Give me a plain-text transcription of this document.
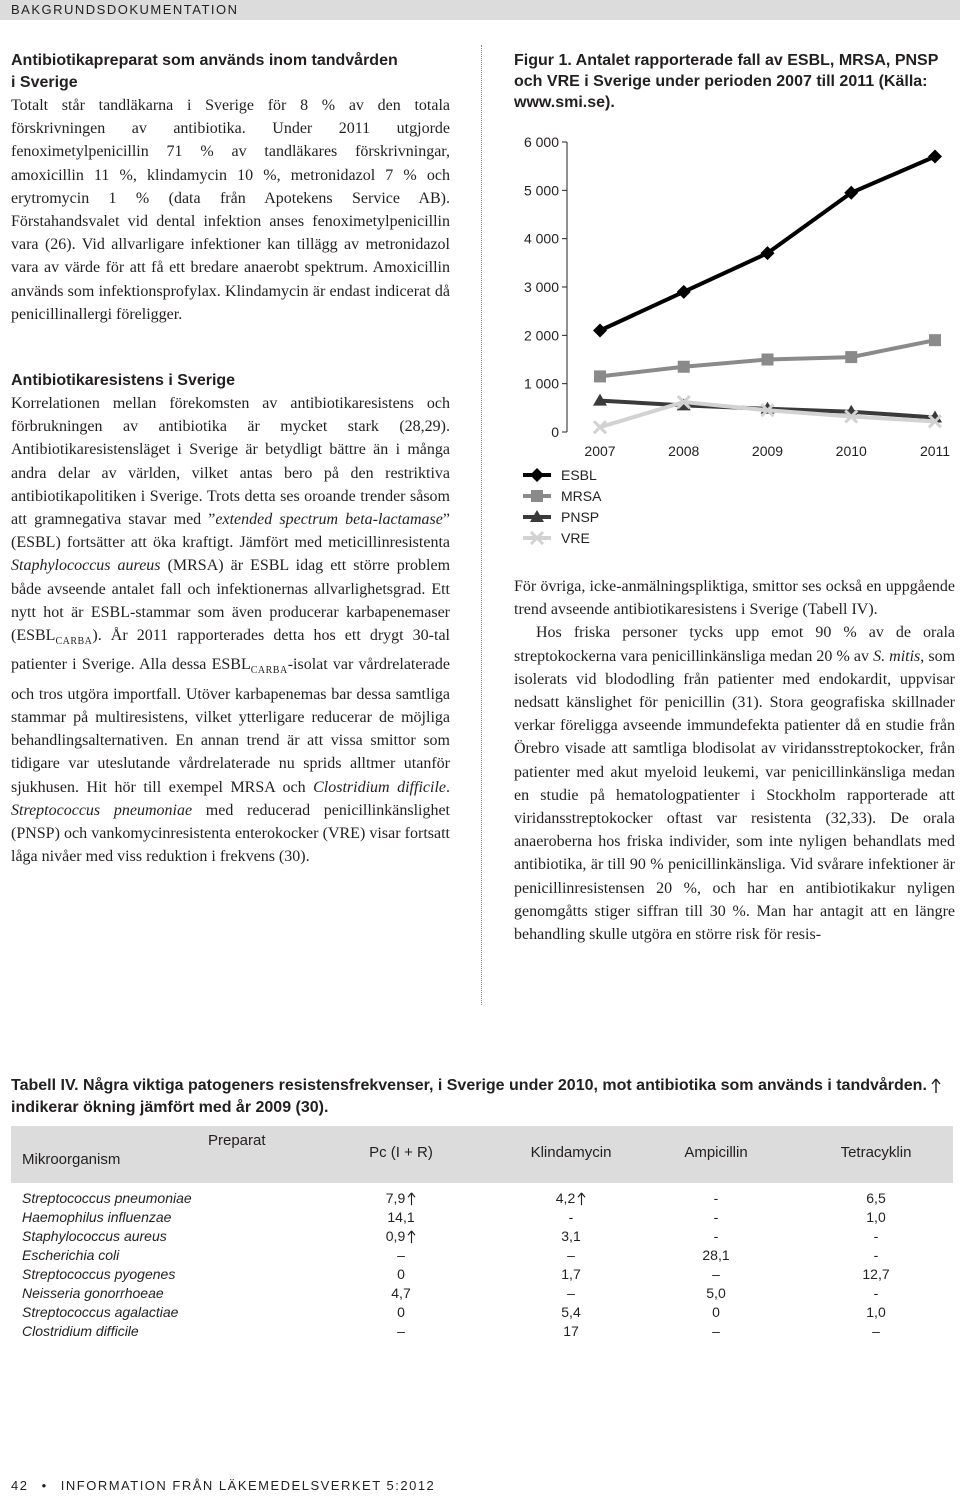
BAKGRUNDSDOKUMENTATION

Antibiotikapreparat som används inom tandvården
i Sverige

Totalt står tandläkarna i Sverige för 8 % av den totala förskrivningen av antibiotika. Under 2011 utgjorde fenoximetylpenicillin 71 % av tandläkares förskrivningar, amoxicillin 11 %, klindamycin 10 %, metronidazol 7 % och erytromycin 1 % (data från Apotekens Service AB). Förstahandsvalet vid dental infektion anses fenoximetylpenicillin vara (26). Vid allvarligare infektioner kan tillägg av metronidazol vara av värde för att få ett bredare anaerobt spektrum. Amoxicillin används som infektionsprofylax. Klindamycin är endast indicerat då penicillinallergi föreligger.

Antibiotikaresistens i Sverige

Korrelationen mellan förekomsten av antibiotikaresistens och förbrukningen av antibiotika är mycket stark (28,29). Antibiotikaresistensläget i Sverige är betydligt bättre än i många andra delar av världen, vilket antas bero på den restriktiva antibiotikapolitiken i Sverige. Trots detta ses oroande trender såsom att gramnegativa stavar med ”extended spectrum beta-lactamase” (ESBL) fortsätter att öka kraftigt. Jämfört med meticillinresistenta Staphylococcus aureus (MRSA) är ESBL idag ett större problem både avseende antalet fall och infektionernas allvarlighetsgrad. Ett nytt hot är ESBL-stammar som även producerar karbapenemaser $(ESBL_{CARBA})$. År 2011 rapporterades detta hos ett drygt 30-tal patienter i Sverige. Alla dessa $ESBL_{CARBA}$-isolat var vårdrelaterade och tros utgöra importfall. Utöver karbapenemas bar dessa samtliga stammar på multiresistens, vilket ytterligare reducerar de möjliga behandlingsalternativen. En annan trend är att vissa smittor som tidigare var uteslutande vårdrelaterade nu sprids alltmer utanför sjukhusen. Hit hör till exempel MRSA och Clostridium difficile. Streptococcus pneumoniae med reducerad penicillinkänslighet (PNSP) och vankomycinresistenta enterokocker (VRE) visar fortsatt låga nivåer med viss reduktion i frekvens (30).

Figur 1. Antalet rapporterade fall av ESBL, MRSA, PNSP och VRE i Sverige under perioden 2007 till 2011 (Källa: www.smi.se).
0
1 000
2 000
3 000
4 000
5 000
6 000
2007	2008	2009	2010	2011
ESBL
MRSA
PNSP
VRE

För övriga, icke-anmälningspliktiga, smittor ses också en uppgående trend avseende antibiotikaresistens i Sverige (Tabell IV).

Hos friska personer tycks upp emot 90 % av de orala streptokockerna vara penicillinkänsliga medan 20 % av S. mitis, som isolerats vid blododling från patienter med endokardit, uppvisar nedsatt känslighet för penicillin (31). Stora geografiska skillnader verkar föreligga avseende immundefekta patienter då en studie från Örebro visade att samtliga blodisolat av viridansstreptokocker, från patienter med akut myeloid leukemi, var penicillinkänsliga medan en studie på hematologpatienter i Stockholm rapporterade att viridansstreptokocker oftast var resistenta (32,33). De orala anaeroberna hos friska individer, som inte nyligen behandlats med antibiotika, är till 90 % penicillinkänsliga. Vid svårare infektioner är penicillinresistensen 20 %, och har en antibiotikakur nyligen genomgåtts stiger siffran till 30 %. Man har antagit att en längre behandling skulle utgöra en större risk för resis-

Tabell IV. Några viktiga patogeners resistensfrekvenser, i Sverige under 2010, mot antibiotika som används i tandvården.  indikerar ökning jämfört med år 2009 (30).
Preparat
Mikroorganism	Pc (I + R)	Klindamycin	Ampicillin	Tetracyklin
Streptococcus pneumoniae	7,9	4,2	-	6,5
Haemophilus influenzae	14,1	-	-	1,0
Staphylococcus aureus	0,9	3,1	-	-
Escherichia coli	–	–	28,1	-
Streptococcus pyogenes	0	1,7	–	12,7
Neisseria gonorrhoeae	4,7	–	5,0	-
Streptococcus agalactiae	0	5,4	0	1,0
Clostridium difficile	–	17	–	–
42 • INFORMATION FRÅN LÄKEMEDELSVERKET 5:2012
